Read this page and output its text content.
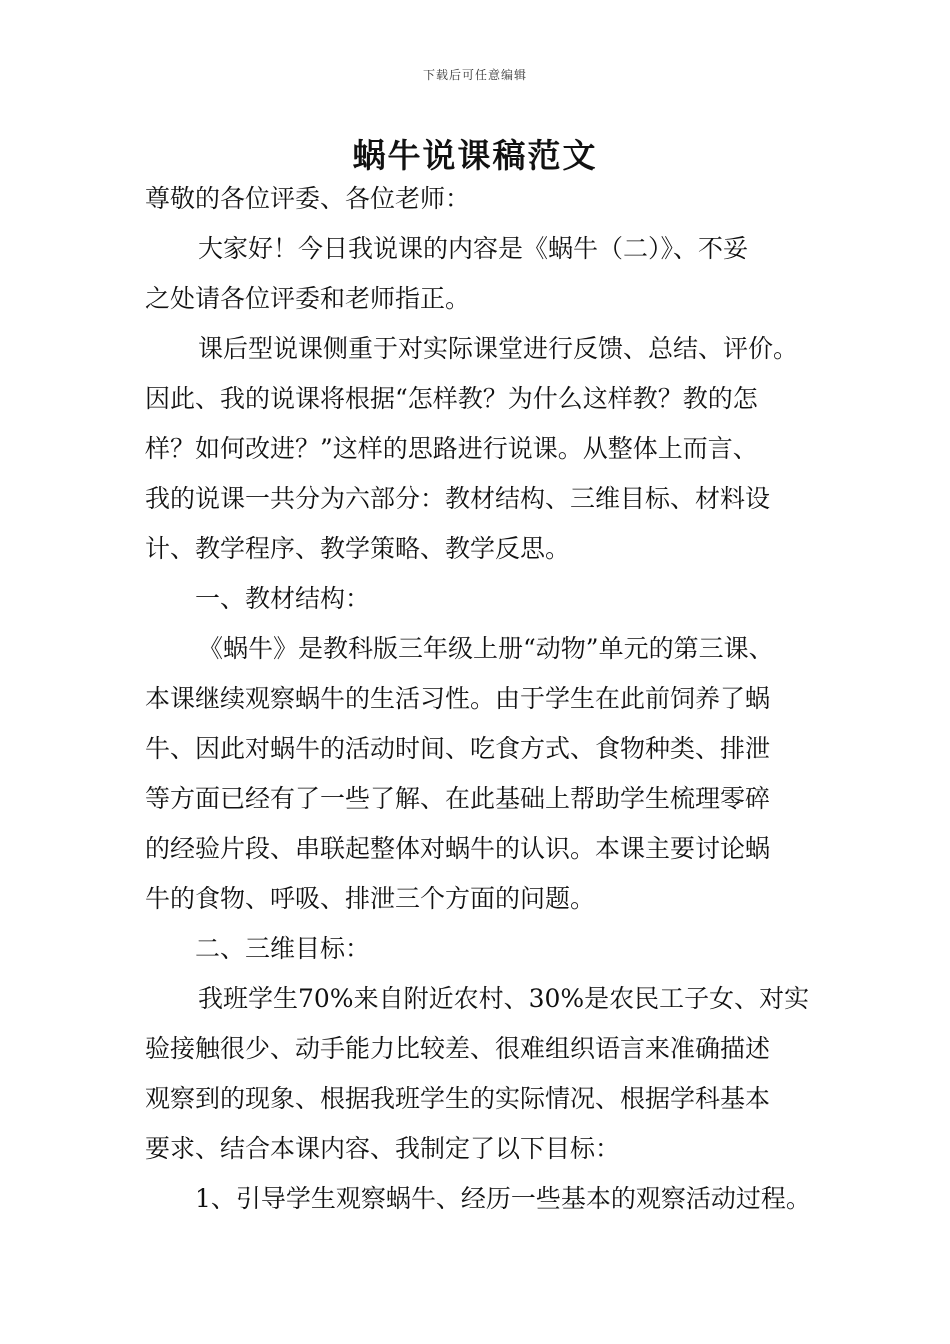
下载后可任意编辑
蜗牛说课稿范文
尊敬的各位评委、各位老师：
大家好！今日我说课的内容是《蜗牛（二）》、不妥
之处请各位评委和老师指正。
课后型说课侧重于对实际课堂进行反馈、总结、评价。
因此、我的说课将根据“怎样教？为什么这样教？教的怎
样？如何改进？”这样的思路进行说课。从整体上而言、
我的说课一共分为六部分：教材结构、三维目标、材料设
计、教学程序、教学策略、教学反思。
一、教材结构：
《蜗牛》是教科版三年级上册“动物”单元的第三课、
本课继续观察蜗牛的生活习性。由于学生在此前饲养了蜗
牛、因此对蜗牛的活动时间、吃食方式、食物种类、排泄
等方面已经有了一些了解、在此基础上帮助学生梳理零碎
的经验片段、串联起整体对蜗牛的认识。本课主要讨论蜗
牛的食物、呼吸、排泄三个方面的问题。
二、三维目标：
我班学生70%来自附近农村、30%是农民工子女、对实
验接触很少、动手能力比较差、很难组织语言来准确描述
观察到的现象、根据我班学生的实际情况、根据学科基本
要求、结合本课内容、我制定了以下目标：
1、引导学生观察蜗牛、经历一些基本的观察活动过程。
